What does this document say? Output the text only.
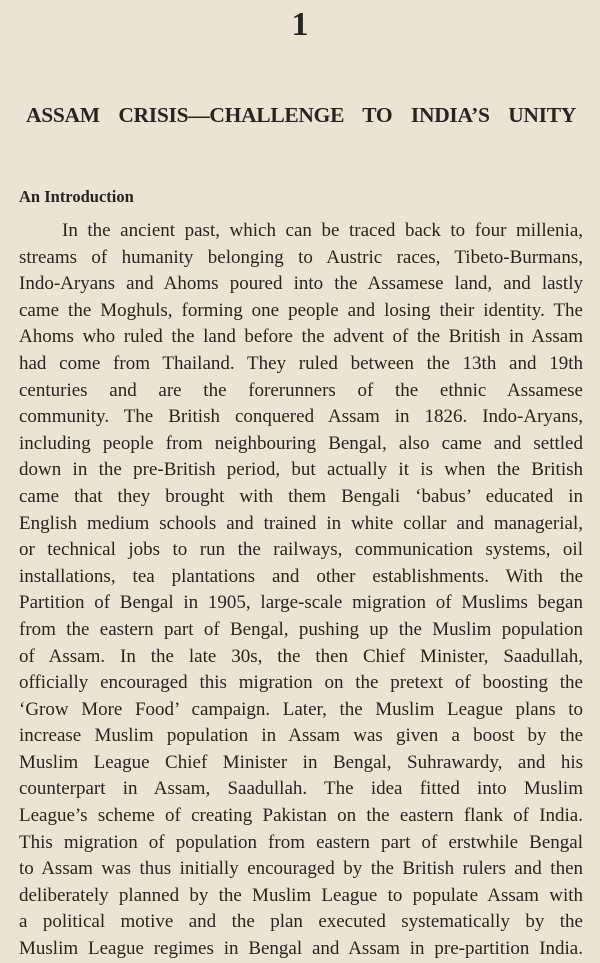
1
ASSAM CRISIS—CHALLENGE TO INDIA’S UNITY
An Introduction
In the ancient past, which can be traced back to four millenia,
streams of humanity belonging to Austric races, Tibeto-Burmans,
Indo-Aryans and Ahoms poured into the Assamese land, and lastly
came the Moghuls, forming one people and losing their identity. The
Ahoms who ruled the land before the advent of the British in Assam
had come from Thailand. They ruled between the 13th and 19th
centuries and are the forerunners of the ethnic Assamese
community. The British conquered Assam in 1826. Indo-Aryans,
including people from neighbouring Bengal, also came and settled
down in the pre-British period, but actually it is when the British
came that they brought with them Bengali ‘babus’ educated in
English medium schools and trained in white collar and managerial,
or technical jobs to run the railways, communication systems, oil
installations, tea plantations and other establishments. With the
Partition of Bengal in 1905, large-scale migration of Muslims began
from the eastern part of Bengal, pushing up the Muslim population
of Assam. In the late 30s, the then Chief Minister, Saadullah,
officially encouraged this migration on the pretext of boosting the
‘Grow More Food’ campaign. Later, the Muslim League plans to
increase Muslim population in Assam was given a boost by the
Muslim League Chief Minister in Bengal, Suhrawardy, and his
counterpart in Assam, Saadullah. The idea fitted into Muslim
League’s scheme of creating Pakistan on the eastern flank of India.
This migration of population from eastern part of erstwhile Bengal
to Assam was thus initially encouraged by the British rulers and then
deliberately planned by the Muslim League to populate Assam with
a political motive and the plan executed systematically by the
Muslim League regimes in Bengal and Assam in pre-partition India.
